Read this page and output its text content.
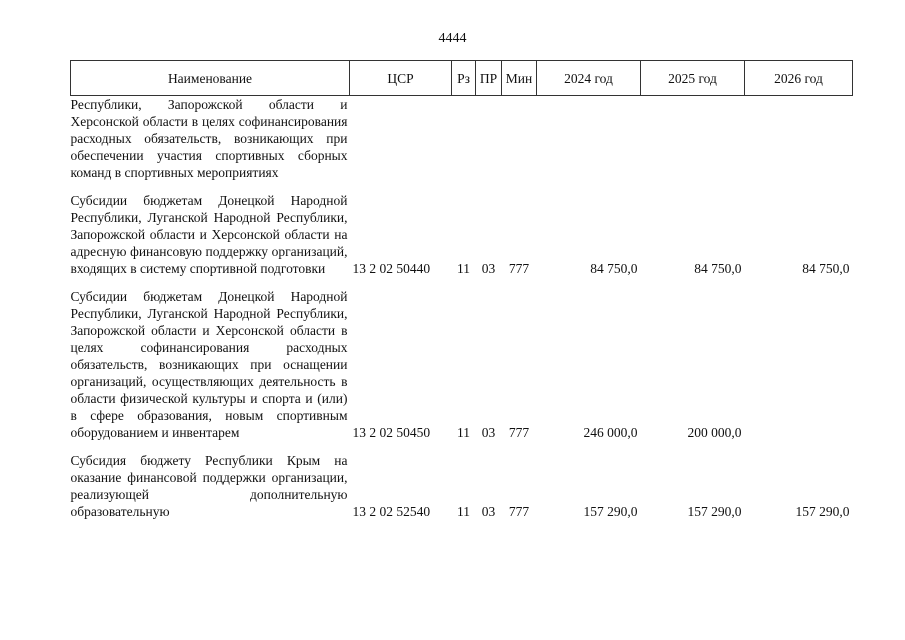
4444
Наименование	ЦСР	Рз	ПР	Мин	2024 год	2025 год	2026 год
Республики, Запорожской области и Херсонской области в целях софинансирования расходных обязательств, возникающих при обеспечении участия спортивных сборных команд в спортивных мероприятиях							

Субсидии бюджетам Донецкой Народной Республики, Луганской Народной Республики, Запорожской области и Херсонской области на адресную финансовую поддержку организаций, входящих в систему спортивной подготовки	13 2 02 50440	11	03	777	84 750,0	84 750,0	84 750,0

Субсидии бюджетам Донецкой Народной Республики, Луганской Народной Республики, Запорожской области и Херсонской области в целях софинансирования расходных обязательств, возникающих при оснащении организаций, осуществляющих деятельность в области физической культуры и спорта и (или) в сфере образования, новым спортивным оборудованием и инвентарем	13 2 02 50450	11	03	777	246 000,0	200 000,0	

Субсидия бюджету Республики Крым на оказание финансовой поддержки организации, реализующей дополнительную образовательную	13 2 02 52540	11	03	777	157 290,0	157 290,0	157 290,0
